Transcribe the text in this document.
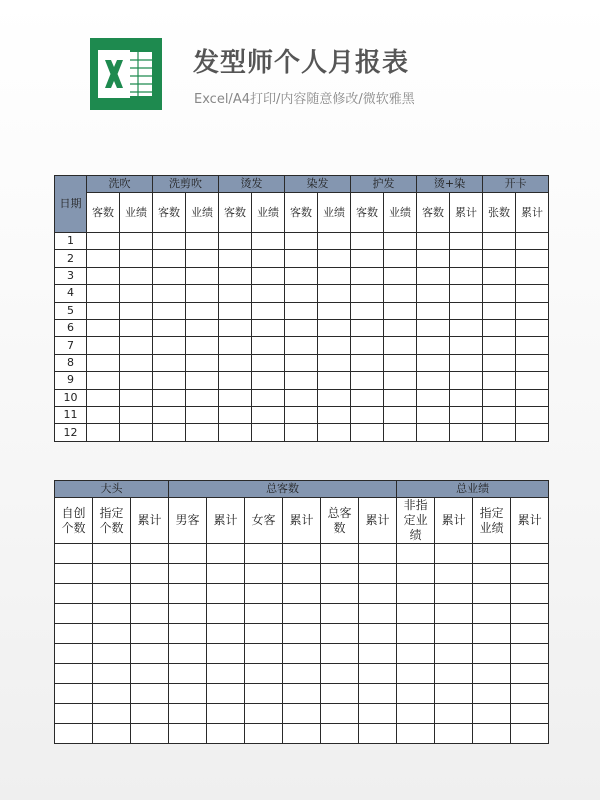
发型师个人月报表
Excel/A4打印/内容随意修改/微软雅黑
日期	洗吹		洗剪吹		烫发		染发		护发		烫+染		开卡	
	客数	业绩	客数	业绩	客数	业绩	客数	业绩	客数	业绩	客数	累计	张数	累计
1														
2														
3														
4														
5														
6														
7														
8														
9														
10														
11														
12														
大头			总客数						总业绩			
自创个数	指定个数	累计	男客	累计	女客	累计	总客数	累计	非指定业绩	累计	指定业绩	累计
